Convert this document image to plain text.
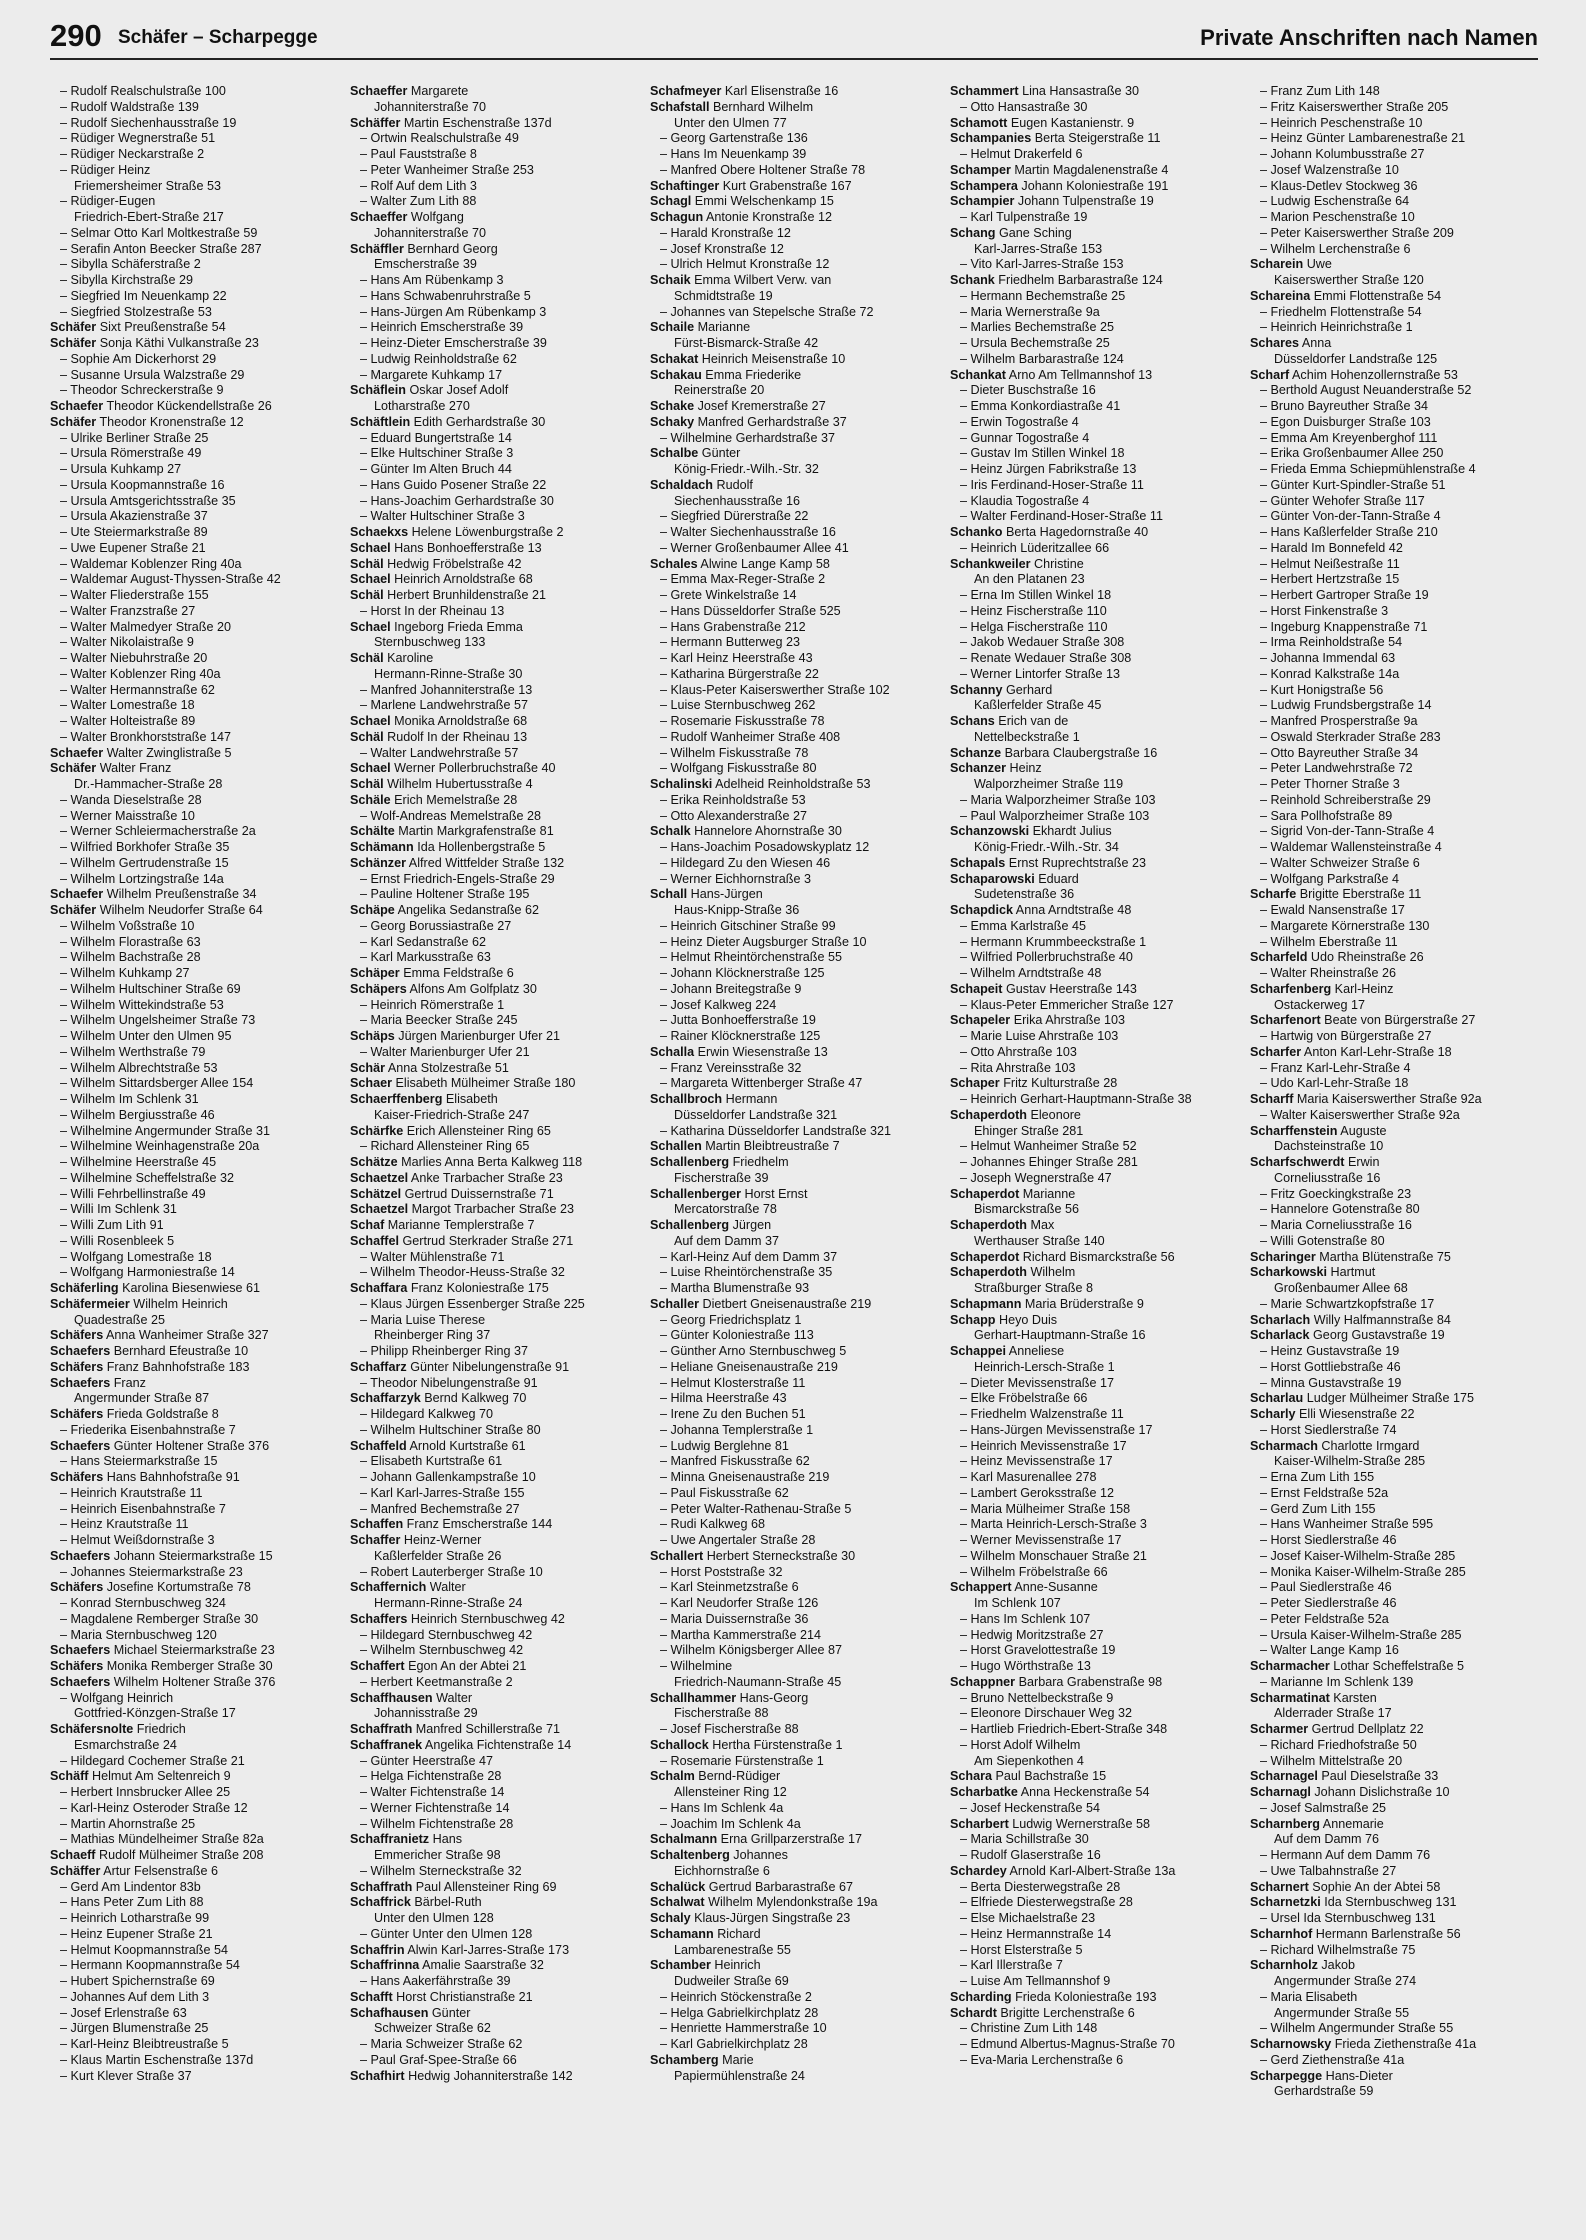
290 Schäfer – Scharpegge	Private Anschriften nach Namen
– Rudolf Realschulstraße 100
– Rudolf Waldstraße 139
– Rudolf Siechenhausstraße 19
– Rüdiger Wegnerstraße 51
– Rüdiger Neckarstraße 2
– Rüdiger Heinz
Friemersheimer Straße 53
– Rüdiger-Eugen
Friedrich-Ebert-Straße 217
– Selmar Otto Karl Moltkestraße 59
– Serafin Anton Beecker Straße 287
– Sibylla Schäferstraße 2
– Sibylla Kirchstraße 29
– Siegfried Im Neuenkamp 22
– Siegfried Stolzestraße 53
Schäfer Sixt Preußenstraße 54
Schäfer Sonja Käthi Vulkanstraße 23
– Sophie Am Dickerhorst 29
– Susanne Ursula Walzstraße 29
– Theodor Schreckerstraße 9
Schaefer Theodor Kückendellstraße 26
Schäfer Theodor Kronenstraße 12
– Ulrike Berliner Straße 25
– Ursula Römerstraße 49
– Ursula Kuhkamp 27
– Ursula Koopmannstraße 16
– Ursula Amtsgerichtsstraße 35
– Ursula Akazienstraße 37
– Ute Steiermarkstraße 89
– Uwe Eupener Straße 21
– Waldemar Koblenzer Ring 40a
– Waldemar August-Thyssen-Straße 42
– Walter Fliederstraße 155
– Walter Franzstraße 27
– Walter Malmedyer Straße 20
– Walter Nikolaistraße 9
– Walter Niebuhrstraße 20
– Walter Koblenzer Ring 40a
– Walter Hermannstraße 62
– Walter Lomestraße 18
– Walter Holteistraße 89
– Walter Bronkhorststraße 147
Schaefer Walter Zwinglistraße 5
Schäfer Walter Franz
Dr.-Hammacher-Straße 28
– Wanda Dieselstraße 28
– Werner Maisstraße 10
– Werner Schleiermacherstraße 2a
– Wilfried Borkhofer Straße 35
– Wilhelm Gertrudenstraße 15
– Wilhelm Lortzingstraße 14a
Schaefer Wilhelm Preußenstraße 34
Schäfer Wilhelm Neudorfer Straße 64
– Wilhelm Voßstraße 10
– Wilhelm Florastraße 63
– Wilhelm Bachstraße 28
– Wilhelm Kuhkamp 27
– Wilhelm Hultschiner Straße 69
– Wilhelm Wittekindstraße 53
– Wilhelm Ungelsheimer Straße 73
– Wilhelm Unter den Ulmen 95
– Wilhelm Werthstraße 79
– Wilhelm Albrechtstraße 53
– Wilhelm Sittardsberger Allee 154
– Wilhelm Im Schlenk 31
– Wilhelm Bergiusstraße 46
– Wilhelmine Angermunder Straße 31
– Wilhelmine Weinhagenstraße 20a
– Wilhelmine Heerstraße 45
– Wilhelmine Scheffelstraße 32
– Willi Fehrbellinstraße 49
– Willi Im Schlenk 31
– Willi Zum Lith 91
– Willi Rosenbleek 5
– Wolfgang Lomestraße 18
– Wolfgang Harmoniestraße 14
Schäferling Karolina Biesenwiese 61
Schäfermeier Wilhelm Heinrich
Quadestraße 25
Schäfers Anna Wanheimer Straße 327
Schaefers Bernhard Efeustraße 10
Schäfers Franz Bahnhofstraße 183
Schaefers Franz
Angermunder Straße 87
Schäfers Frieda Goldstraße 8
– Friederika Eisenbahnstraße 7
Schaefers Günter Holtener Straße 376
– Hans Steiermarkstraße 15
Schäfers Hans Bahnhofstraße 91
– Heinrich Krautstraße 11
– Heinrich Eisenbahnstraße 7
– Heinz Krautstraße 11
– Helmut Weißdornstraße 3
Schaefers Johann Steiermarkstraße 15
– Johannes Steiermarkstraße 23
Schäfers Josefine Kortumstraße 78
– Konrad Sternbuschweg 324
– Magdalene Remberger Straße 30
– Maria Sternbuschweg 120
Schaefers Michael Steiermarkstraße 23
Schäfers Monika Remberger Straße 30
Schaefers Wilhelm Holtener Straße 376
– Wolfgang Heinrich
Gottfried-Könzgen-Straße 17
Schäfersnolte Friedrich
Esmarchstraße 24
– Hildegard Cochemer Straße 21
Schäff Helmut Am Seltenreich 9
– Herbert Innsbrucker Allee 25
– Karl-Heinz Osteroder Straße 12
– Martin Ahornstraße 25
– Mathias Mündelheimer Straße 82a
Schaeff Rudolf Mülheimer Straße 208
Schäffer Artur Felsenstraße 6
– Gerd Am Lindentor 83b
– Hans Peter Zum Lith 88
– Heinrich Lotharstraße 99
– Heinz Eupener Straße 21
– Helmut Koopmannstraße 54
– Hermann Koopmannstraße 54
– Hubert Spichernstraße 69
– Johannes Auf dem Lith 3
– Josef Erlenstraße 63
– Jürgen Blumenstraße 25
– Karl-Heinz Bleibtreustraße 5
– Klaus Martin Eschenstraße 137d
– Kurt Klever Straße 37
Schaeffer Margarete
Johanniterstraße 70
Schäffer Martin Eschenstraße 137d
– Ortwin Realschulstraße 49
– Paul Fauststraße 8
– Peter Wanheimer Straße 253
– Rolf Auf dem Lith 3
– Walter Zum Lith 88
Schaeffer Wolfgang
Johanniterstraße 70
Schäffler Bernhard Georg
Emscherstraße 39
– Hans Am Rübenkamp 3
– Hans Schwabenruhrstraße 5
– Hans-Jürgen Am Rübenkamp 3
– Heinrich Emscherstraße 39
– Heinz-Dieter Emscherstraße 39
– Ludwig Reinholdstraße 62
– Margarete Kuhkamp 17
Schäflein Oskar Josef Adolf
Lotharstraße 270
Schäftlein Edith Gerhardstraße 30
– Eduard Bungertstraße 14
– Elke Hultschiner Straße 3
– Günter Im Alten Bruch 44
– Hans Guido Posener Straße 22
– Hans-Joachim Gerhardstraße 30
– Walter Hultschiner Straße 3
Schaekxs Helene Löwenburgstraße 2
Schael Hans Bonhoefferstraße 13
Schäl Hedwig Fröbelstraße 42
Schael Heinrich Arnoldstraße 68
Schäl Herbert Brunhildenstraße 21
– Horst In der Rheinau 13
Schael Ingeborg Frieda Emma
Sternbuschweg 133
Schäl Karoline
Hermann-Rinne-Straße 30
– Manfred Johanniterstraße 13
– Marlene Landwehrstraße 57
Schael Monika Arnoldstraße 68
Schäl Rudolf In der Rheinau 13
– Walter Landwehrstraße 57
Schael Werner Pollerbruchstraße 40
Schäl Wilhelm Hubertusstraße 4
Schäle Erich Memelstraße 28
– Wolf-Andreas Memelstraße 28
Schälte Martin Markgrafenstraße 81
Schämann Ida Hollenbergstraße 5
Schänzer Alfred Wittfelder Straße 132
– Ernst Friedrich-Engels-Straße 29
– Pauline Holtener Straße 195
Schäpe Angelika Sedanstraße 62
– Georg Borussiastraße 27
– Karl Sedanstraße 62
– Karl Markusstraße 63
Schäper Emma Feldstraße 6
Schäpers Alfons Am Golfplatz 30
– Heinrich Römerstraße 1
– Maria Beecker Straße 245
Schäps Jürgen Marienburger Ufer 21
– Walter Marienburger Ufer 21
Schär Anna Stolzestraße 51
Schaer Elisabeth Mülheimer Straße 180
Schaerffenberg Elisabeth
Kaiser-Friedrich-Straße 247
Schärfke Erich Allensteiner Ring 65
– Richard Allensteiner Ring 65
Schätze Marlies Anna Berta Kalkweg 118
Schaetzel Anke Trarbacher Straße 23
Schätzel Gertrud Duissernstraße 71
Schaetzel Margot Trarbacher Straße 23
Schaf Marianne Templerstraße 7
Schaffel Gertrud Sterkrader Straße 271
– Walter Mühlenstraße 71
– Wilhelm Theodor-Heuss-Straße 32
Schaffara Franz Koloniestraße 175
– Klaus Jürgen Essenberger Straße 225
– Maria Luise Therese
Rheinberger Ring 37
– Philipp Rheinberger Ring 37
Schaffarz Günter Nibelungenstraße 91
– Theodor Nibelungenstraße 91
Schaffarzyk Bernd Kalkweg 70
– Hildegard Kalkweg 70
– Wilhelm Hultschiner Straße 80
Schaffeld Arnold Kurtstraße 61
– Elisabeth Kurtstraße 61
– Johann Gallenkampstraße 10
– Karl Karl-Jarres-Straße 155
– Manfred Bechemstraße 27
Schaffen Franz Emscherstraße 144
Schaffer Heinz-Werner
Kaßlerfelder Straße 26
– Robert Lauterberger Straße 10
Schaffernich Walter
Hermann-Rinne-Straße 24
Schaffers Heinrich Sternbuschweg 42
– Hildegard Sternbuschweg 42
– Wilhelm Sternbuschweg 42
Schaffert Egon An der Abtei 21
– Herbert Keetmanstraße 2
Schaffhausen Walter
Johannisstraße 29
Schaffrath Manfred Schillerstraße 71
Schaffranek Angelika Fichtenstraße 14
– Günter Heerstraße 47
– Helga Fichtenstraße 28
– Walter Fichtenstraße 14
– Werner Fichtenstraße 14
– Wilhelm Fichtenstraße 28
Schaffranietz Hans
Emmericher Straße 98
– Wilhelm Sterneckstraße 32
Schaffrath Paul Allensteiner Ring 69
Schaffrick Bärbel-Ruth
Unter den Ulmen 128
– Günter Unter den Ulmen 128
Schaffrin Alwin Karl-Jarres-Straße 173
Schaffrinna Amalie Saarstraße 32
– Hans Aakerfährstraße 39
Schafft Horst Christianstraße 21
Schafhausen Günter
Schweizer Straße 62
– Maria Schweizer Straße 62
– Paul Graf-Spee-Straße 66
Schafhirt Hedwig Johanniterstraße 142
Schafmeyer Karl Elisenstraße 16
Schafstall Bernhard Wilhelm
Unter den Ulmen 77
– Georg Gartenstraße 136
– Hans Im Neuenkamp 39
– Manfred Obere Holtener Straße 78
Schaftinger Kurt Grabenstraße 167
Schagl Emmi Welschenkamp 15
Schagun Antonie Kronstraße 12
– Harald Kronstraße 12
– Josef Kronstraße 12
– Ulrich Helmut Kronstraße 12
Schaik Emma Wilbert Verw. van
Schmidtstraße 19
– Johannes van Stepelsche Straße 72
Schaile Marianne
Fürst-Bismarck-Straße 42
Schakat Heinrich Meisenstraße 10
Schakau Emma Friederike
Reinerstraße 20
Schake Josef Kremerstraße 27
Schaky Manfred Gerhardstraße 37
– Wilhelmine Gerhardstraße 37
Schalbe Günter
König-Friedr.-Wilh.-Str. 32
Schaldach Rudolf
Siechenhausstraße 16
– Siegfried Dürerstraße 22
– Walter Siechenhausstraße 16
– Werner Großenbaumer Allee 41
Schales Alwine Lange Kamp 58
– Emma Max-Reger-Straße 2
– Grete Winkelstraße 14
– Hans Düsseldorfer Straße 525
– Hans Grabenstraße 212
– Hermann Butterweg 23
– Karl Heinz Heerstraße 43
– Katharina Bürgerstraße 22
– Klaus-Peter Kaiserswerther Straße 102
– Luise Sternbuschweg 262
– Rosemarie Fiskusstraße 78
– Rudolf Wanheimer Straße 408
– Wilhelm Fiskusstraße 78
– Wolfgang Fiskusstraße 80
Schalinski Adelheid Reinholdstraße 53
– Erika Reinholdstraße 53
– Otto Alexanderstraße 27
Schalk Hannelore Ahornstraße 30
– Hans-Joachim Posadowskyplatz 12
– Hildegard Zu den Wiesen 46
– Werner Eichhornstraße 3
Schall Hans-Jürgen
Haus-Knipp-Straße 36
– Heinrich Gitschiner Straße 99
– Heinz Dieter Augsburger Straße 10
– Helmut Rheintörchenstraße 55
– Johann Klöcknerstraße 125
– Johann Breitegstraße 9
– Josef Kalkweg 224
– Jutta Bonhoefferstraße 19
– Rainer Klöcknerstraße 125
Schalla Erwin Wiesenstraße 13
– Franz Vereinsstraße 32
– Margareta Wittenberger Straße 47
Schallbroch Hermann
Düsseldorfer Landstraße 321
– Katharina Düsseldorfer Landstraße 321
Schallen Martin Bleibtreustraße 7
Schallenberg Friedhelm
Fischerstraße 39
Schallenberger Horst Ernst
Mercatorstraße 78
Schallenberg Jürgen
Auf dem Damm 37
– Karl-Heinz Auf dem Damm 37
– Luise Rheintörchenstraße 35
– Martha Blumenstraße 93
Schaller Dietbert Gneisenaustraße 219
– Georg Friedrichsplatz 1
– Günter Koloniestraße 113
– Günther Arno Sternbuschweg 5
– Heliane Gneisenaustraße 219
– Helmut Klosterstraße 11
– Hilma Heerstraße 43
– Irene Zu den Buchen 51
– Johanna Templerstraße 1
– Ludwig Berglehne 81
– Manfred Fiskusstraße 62
– Minna Gneisenaustraße 219
– Paul Fiskusstraße 62
– Peter Walter-Rathenau-Straße 5
– Rudi Kalkweg 68
– Uwe Angertaler Straße 28
Schallert Herbert Sterneckstraße 30
– Horst Poststraße 32
– Karl Steinmetzstraße 6
– Karl Neudorfer Straße 126
– Maria Duissernstraße 36
– Martha Kammerstraße 214
– Wilhelm Königsberger Allee 87
– Wilhelmine
Friedrich-Naumann-Straße 45
Schallhammer Hans-Georg
Fischerstraße 88
– Josef Fischerstraße 88
Schallock Hertha Fürstenstraße 1
– Rosemarie Fürstenstraße 1
Schalm Bernd-Rüdiger
Allensteiner Ring 12
– Hans Im Schlenk 4a
– Joachim Im Schlenk 4a
Schalmann Erna Grillparzerstraße 17
Schaltenberg Johannes
Eichhornstraße 6
Schalück Gertrud Barbarastraße 67
Schalwat Wilhelm Mylendonkstraße 19a
Schaly Klaus-Jürgen Singstraße 23
Schamann Richard
Lambarenestraße 55
Schamber Heinrich
Dudweiler Straße 69
– Heinrich Stöckenstraße 2
– Helga Gabrielkirchplatz 28
– Henriette Hammerstraße 10
– Karl Gabrielkirchplatz 28
Schamberg Marie
Papiermühlenstraße 24
Schammert Lina Hansastraße 30
– Otto Hansastraße 30
Schamott Eugen Kastanienstr. 9
Schampanies Berta Steigerstraße 11
– Helmut Drakerfeld 6
Schamper Martin Magdalenenstraße 4
Schampera Johann Koloniestraße 191
Schampier Johann Tulpenstraße 19
– Karl Tulpenstraße 19
Schang Gane Sching
Karl-Jarres-Straße 153
– Vito Karl-Jarres-Straße 153
Schank Friedhelm Barbarastraße 124
– Hermann Bechemstraße 25
– Maria Wernerstraße 9a
– Marlies Bechemstraße 25
– Ursula Bechemstraße 25
– Wilhelm Barbarastraße 124
Schankat Arno Am Tellmannshof 13
– Dieter Buschstraße 16
– Emma Konkordiastraße 41
– Erwin Togostraße 4
– Gunnar Togostraße 4
– Gustav Im Stillen Winkel 18
– Heinz Jürgen Fabrikstraße 13
– Iris Ferdinand-Hoser-Straße 11
– Klaudia Togostraße 4
– Walter Ferdinand-Hoser-Straße 11
Schanko Berta Hagedornstraße 40
– Heinrich Lüderitzallee 66
Schankweiler Christine
An den Platanen 23
– Erna Im Stillen Winkel 18
– Heinz Fischerstraße 110
– Helga Fischerstraße 110
– Jakob Wedauer Straße 308
– Renate Wedauer Straße 308
– Werner Lintorfer Straße 13
Schanny Gerhard
Kaßlerfelder Straße 45
Schans Erich van de
Nettelbeckstraße 1
Schanze Barbara Claubergstraße 16
Schanzer Heinz
Walporzheimer Straße 119
– Maria Walporzheimer Straße 103
– Paul Walporzheimer Straße 103
Schanzowski Ekhardt Julius
König-Friedr.-Wilh.-Str. 34
Schapals Ernst Ruprechtstraße 23
Schaparowski Eduard
Sudetenstraße 36
Schapdick Anna Arndtstraße 48
– Emma Karlstraße 45
– Hermann Krummbeeckstraße 1
– Wilfried Pollerbruchstraße 40
– Wilhelm Arndtstraße 48
Schapeit Gustav Heerstraße 143
– Klaus-Peter Emmericher Straße 127
Schapeler Erika Ahrstraße 103
– Marie Luise Ahrstraße 103
– Otto Ahrstraße 103
– Rita Ahrstraße 103
Schaper Fritz Kulturstraße 28
– Heinrich Gerhart-Hauptmann-Straße 38
Schaperdoth Eleonore
Ehinger Straße 281
– Helmut Wanheimer Straße 52
– Johannes Ehinger Straße 281
– Joseph Wegnerstraße 47
Schaperdot Marianne
Bismarckstraße 56
Schaperdoth Max
Werthauser Straße 140
Schaperdot Richard Bismarckstraße 56
Schaperdoth Wilhelm
Straßburger Straße 8
Schapmann Maria Brüderstraße 9
Schapp Heyo Duis
Gerhart-Hauptmann-Straße 16
Schappei Anneliese
Heinrich-Lersch-Straße 1
– Dieter Mevissenstraße 17
– Elke Fröbelstraße 66
– Friedhelm Walzenstraße 11
– Hans-Jürgen Mevissenstraße 17
– Heinrich Mevissenstraße 17
– Heinz Mevissenstraße 17
– Karl Masurenallee 278
– Lambert Geroksstraße 12
– Maria Mülheimer Straße 158
– Marta Heinrich-Lersch-Straße 3
– Werner Mevissenstraße 17
– Wilhelm Monschauer Straße 21
– Wilhelm Fröbelstraße 66
Schappert Anne-Susanne
Im Schlenk 107
– Hans Im Schlenk 107
– Hedwig Moritzstraße 27
– Horst Gravelottestraße 19
– Hugo Wörthstraße 13
Schappner Barbara Grabenstraße 98
– Bruno Nettelbeckstraße 9
– Eleonore Dirschauer Weg 32
– Hartlieb Friedrich-Ebert-Straße 348
– Horst Adolf Wilhelm
Am Siepenkothen 4
Schara Paul Bachstraße 15
Scharbatke Anna Heckenstraße 54
– Josef Heckenstraße 54
Scharbert Ludwig Wernerstraße 58
– Maria Schillstraße 30
– Rudolf Glaserstraße 16
Schardey Arnold Karl-Albert-Straße 13a
– Berta Diesterwegstraße 28
– Elfriede Diesterwegstraße 28
– Else Michaelstraße 23
– Heinz Hermannstraße 14
– Horst Elsterstraße 5
– Karl Illerstraße 7
– Luise Am Tellmannshof 9
Scharding Frieda Koloniestraße 193
Schardt Brigitte Lerchenstraße 6
– Christine Zum Lith 148
– Edmund Albertus-Magnus-Straße 70
– Eva-Maria Lerchenstraße 6
– Franz Zum Lith 148
– Fritz Kaiserswerther Straße 205
– Heinrich Peschenstraße 10
– Heinz Günter Lambarenestraße 21
– Johann Kolumbusstraße 27
– Josef Walzenstraße 10
– Klaus-Detlev Stockweg 36
– Ludwig Eschenstraße 64
– Marion Peschenstraße 10
– Peter Kaiserswerther Straße 209
– Wilhelm Lerchenstraße 6
Scharein Uwe
Kaiserswerther Straße 120
Schareina Emmi Flottenstraße 54
– Friedhelm Flottenstraße 54
– Heinrich Heinrichstraße 1
Schares Anna
Düsseldorfer Landstraße 125
Scharf Achim Hohenzollernstraße 53
– Berthold August Neuanderstraße 52
– Bruno Bayreuther Straße 34
– Egon Duisburger Straße 103
– Emma Am Kreyenberghof 111
– Erika Großenbaumer Allee 250
– Frieda Emma Schiepmühlenstraße 4
– Günter Kurt-Spindler-Straße 51
– Günter Wehofer Straße 117
– Günter Von-der-Tann-Straße 4
– Hans Kaßlerfelder Straße 210
– Harald Im Bonnefeld 42
– Helmut Neißestraße 11
– Herbert Hertzstraße 15
– Herbert Gartroper Straße 19
– Horst Finkenstraße 3
– Ingeburg Knappenstraße 71
– Irma Reinholdstraße 54
– Johanna Immendal 63
– Konrad Kalkstraße 14a
– Kurt Honigstraße 56
– Ludwig Frundsbergstraße 14
– Manfred Prosperstraße 9a
– Oswald Sterkrader Straße 283
– Otto Bayreuther Straße 34
– Peter Landwehrstraße 72
– Peter Thorner Straße 3
– Reinhold Schreiberstraße 29
– Sara Pollhofstraße 89
– Sigrid Von-der-Tann-Straße 4
– Waldemar Wallensteinstraße 4
– Walter Schweizer Straße 6
– Wolfgang Parkstraße 4
Scharfe Brigitte Eberstraße 11
– Ewald Nansenstraße 17
– Margarete Körnerstraße 130
– Wilhelm Eberstraße 11
Scharfeld Udo Rheinstraße 26
– Walter Rheinstraße 26
Scharfenberg Karl-Heinz
Ostackerweg 17
Scharfenort Beate von Bürgerstraße 27
– Hartwig von Bürgerstraße 27
Scharfer Anton Karl-Lehr-Straße 18
– Franz Karl-Lehr-Straße 4
– Udo Karl-Lehr-Straße 18
Scharff Maria Kaiserswerther Straße 92a
– Walter Kaiserswerther Straße 92a
Scharffenstein Auguste
Dachsteinstraße 10
Scharfschwerdt Erwin
Corneliusstraße 16
– Fritz Goeckingkstraße 23
– Hannelore Gotenstraße 80
– Maria Corneliusstraße 16
– Willi Gotenstraße 80
Scharinger Martha Blütenstraße 75
Scharkowski Hartmut
Großenbaumer Allee 68
– Marie Schwartzkopfstraße 17
Scharlach Willy Halfmannstraße 84
Scharlack Georg Gustavstraße 19
– Heinz Gustavstraße 19
– Horst Gottliebstraße 46
– Minna Gustavstraße 19
Scharlau Ludger Mülheimer Straße 175
Scharly Elli Wiesenstraße 22
– Horst Siedlerstraße 74
Scharmach Charlotte Irmgard
Kaiser-Wilhelm-Straße 285
– Erna Zum Lith 155
– Ernst Feldstraße 52a
– Gerd Zum Lith 155
– Hans Wanheimer Straße 595
– Horst Siedlerstraße 46
– Josef Kaiser-Wilhelm-Straße 285
– Monika Kaiser-Wilhelm-Straße 285
– Paul Siedlerstraße 46
– Peter Siedlerstraße 46
– Peter Feldstraße 52a
– Ursula Kaiser-Wilhelm-Straße 285
– Walter Lange Kamp 16
Scharmacher Lothar Scheffelstraße 5
– Marianne Im Schlenk 139
Scharmatinat Karsten
Alderrader Straße 17
Scharmer Gertrud Dellplatz 22
– Richard Friedhofstraße 50
– Wilhelm Mittelstraße 20
Scharnagel Paul Dieselstraße 33
Scharnagl Johann Dislichstraße 10
– Josef Salmstraße 25
Scharnberg Annemarie
Auf dem Damm 76
– Hermann Auf dem Damm 76
– Uwe Talbahnstraße 27
Scharnert Sophie An der Abtei 58
Scharnetzki Ida Sternbuschweg 131
– Ursel Ida Sternbuschweg 131
Scharnhof Hermann Barlenstraße 56
– Richard Wilhelmstraße 75
Scharnholz Jakob
Angermunder Straße 274
– Maria Elisabeth
Angermunder Straße 55
– Wilhelm Angermunder Straße 55
Scharnowsky Frieda Ziethenstraße 41a
– Gerd Ziethenstraße 41a
Scharpegge Hans-Dieter
Gerhardstraße 59
